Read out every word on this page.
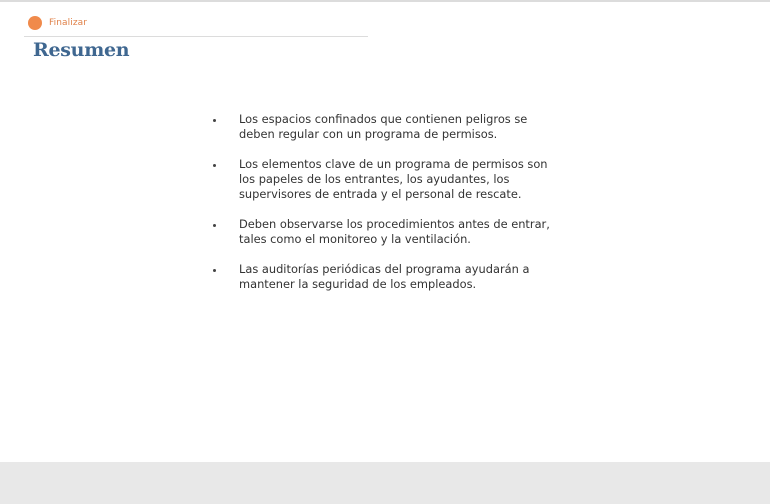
Finalizar
Resumen
Los espacios confinados que contienen peligros se deben regular con un programa de permisos.
Los elementos clave de un programa de permisos son los papeles de los entrantes, los ayudantes, los supervisores de entrada y el personal de rescate.
Deben observarse los procedimientos antes de entrar, tales como el monitoreo y la ventilación.
Las auditorías periódicas del programa ayudarán a mantener la seguridad de los empleados.
